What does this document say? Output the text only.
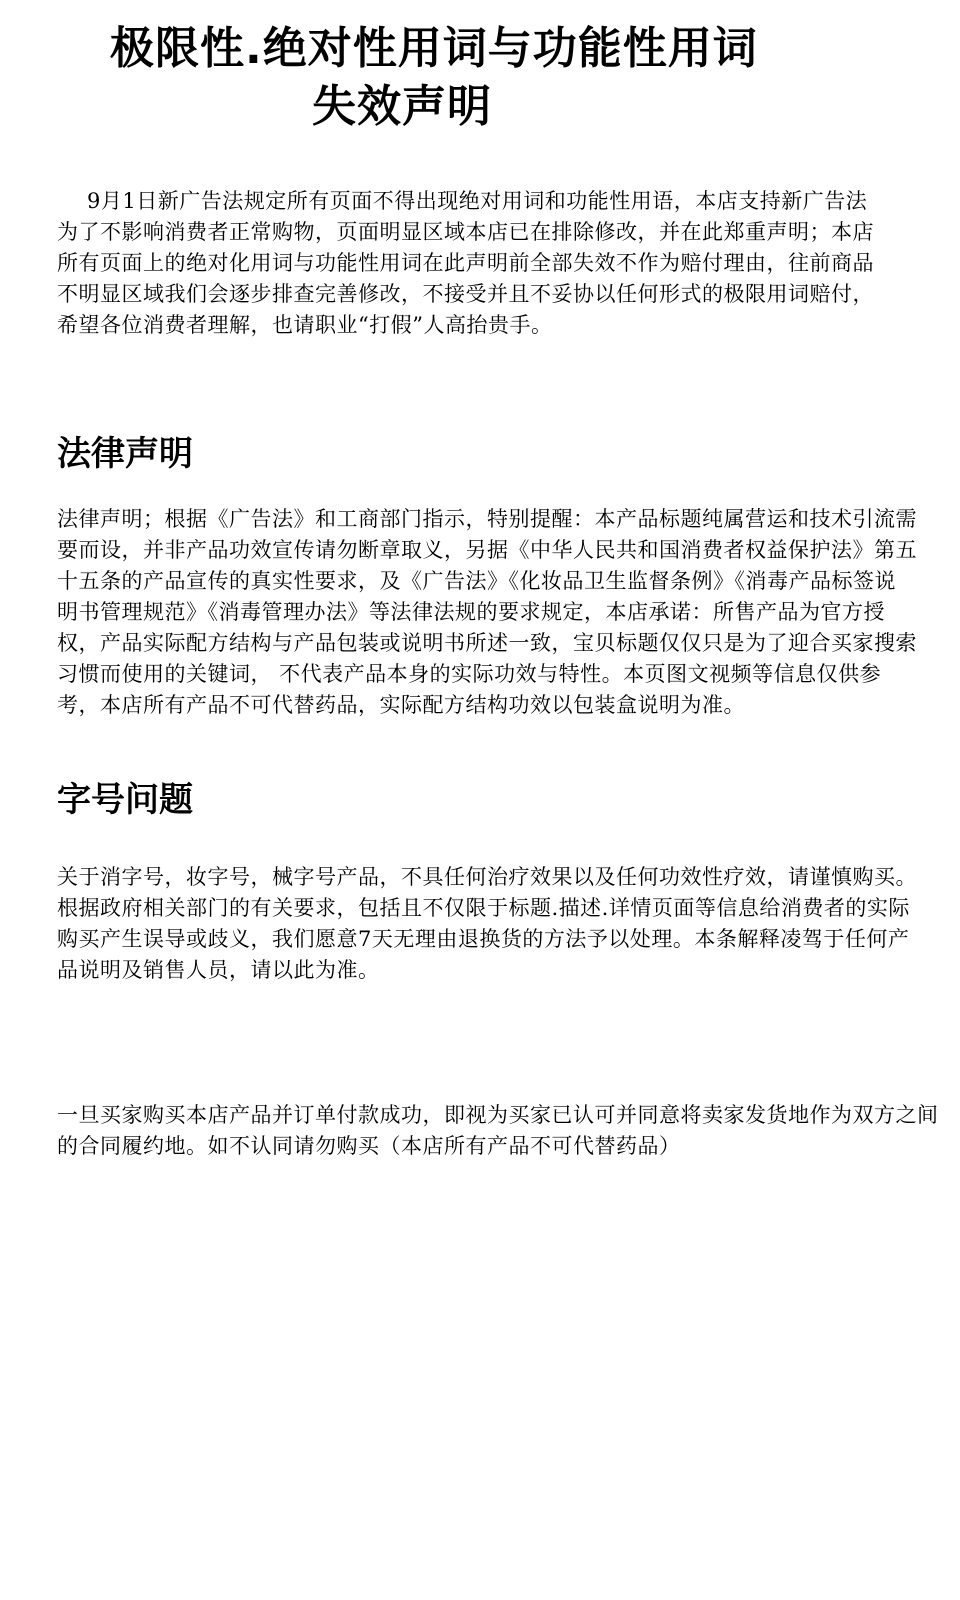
极限性.绝对性用词与功能性用词
失效声明
9月1日新广告法规定所有页面不得出现绝对用词和功能性用语，本店支持新广告法为了不影响消费者正常购物，页面明显区域本店已在排除修改，并在此郑重声明；本店所有页面上的绝对化用词与功能性用词在此声明前全部失效不作为赔付理由，往前商品不明显区域我们会逐步排查完善修改，不接受并且不妥协以任何形式的极限用词赔付，希望各位消费者理解，也请职业“打假”人高抬贵手。
法律声明
法律声明；根据《广告法》和工商部门指示，特别提醒：本产品标题纯属营运和技术引流需要而设，并非产品功效宣传请勿断章取义，另据《中华人民共和国消费者权益保护法》第五十五条的产品宣传的真实性要求，及《广告法》《化妆品卫生监督条例》《消毒产品标签说明书管理规范》《消毒管理办法》等法律法规的要求规定，本店承诺：所售产品为官方授权，产品实际配方结构与产品包装或说明书所述一致，宝贝标题仅仅只是为了迎合买家搜索习惯而使用的关键词， 不代表产品本身的实际功效与特性。本页图文视频等信息仅供参考，本店所有产品不可代替药品，实际配方结构功效以包装盒说明为准。
字号问题
关于消字号，妆字号，械字号产品，不具任何治疗效果以及任何功效性疗效，请谨慎购买。根据政府相关部门的有关要求，包括且不仅限于标题.描述.详情页面等信息给消费者的实际购买产生误导或歧义，我们愿意7天无理由退换货的方法予以处理。本条解释凌驾于任何产品说明及销售人员，请以此为准。
一旦买家购买本店产品并订单付款成功，即视为买家已认可并同意将卖家发货地作为双方之间的合同履约地。如不认同请勿购买（本店所有产品不可代替药品）
